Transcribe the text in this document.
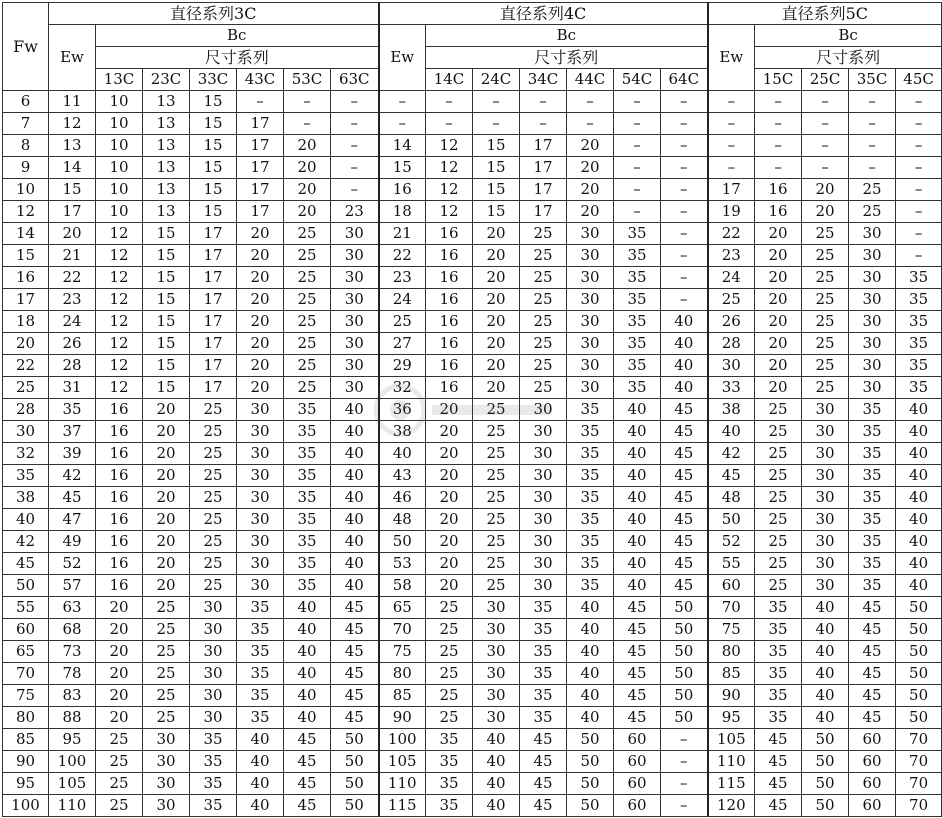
Fw	直径系列3C							直径系列4C							直径系列5C				
	Ew	Bc						Ew	Bc						Ew	Bc			
		尺寸系列							尺寸系列							尺寸系列			
		13C	23C	33C	43C	53C	63C		14C	24C	34C	44C	54C	64C		15C	25C	35C	45C
6	11	10	13	15	–	–	–	–	–	–	–	–	–	–	–	–	–	–	–
7	12	10	13	15	17	–	–	–	–	–	–	–	–	–	–	–	–	–	–
8	13	10	13	15	17	20	–	14	12	15	17	20	–	–	–	–	–	–	–
9	14	10	13	15	17	20	–	15	12	15	17	20	–	–	–	–	–	–	–
10	15	10	13	15	17	20	–	16	12	15	17	20	–	–	17	16	20	25	–
12	17	10	13	15	17	20	23	18	12	15	17	20	–	–	19	16	20	25	–
14	20	12	15	17	20	25	30	21	16	20	25	30	35	–	22	20	25	30	–
15	21	12	15	17	20	25	30	22	16	20	25	30	35	–	23	20	25	30	–
16	22	12	15	17	20	25	30	23	16	20	25	30	35	–	24	20	25	30	35
17	23	12	15	17	20	25	30	24	16	20	25	30	35	–	25	20	25	30	35
18	24	12	15	17	20	25	30	25	16	20	25	30	35	40	26	20	25	30	35
20	26	12	15	17	20	25	30	27	16	20	25	30	35	40	28	20	25	30	35
22	28	12	15	17	20	25	30	29	16	20	25	30	35	40	30	20	25	30	35
25	31	12	15	17	20	25	30	32	16	20	25	30	35	40	33	20	25	30	35
28	35	16	20	25	30	35	40	36	20	25	30	35	40	45	38	25	30	35	40
30	37	16	20	25	30	35	40	38	20	25	30	35	40	45	40	25	30	35	40
32	39	16	20	25	30	35	40	40	20	25	30	35	40	45	42	25	30	35	40
35	42	16	20	25	30	35	40	43	20	25	30	35	40	45	45	25	30	35	40
38	45	16	20	25	30	35	40	46	20	25	30	35	40	45	48	25	30	35	40
40	47	16	20	25	30	35	40	48	20	25	30	35	40	45	50	25	30	35	40
42	49	16	20	25	30	35	40	50	20	25	30	35	40	45	52	25	30	35	40
45	52	16	20	25	30	35	40	53	20	25	30	35	40	45	55	25	30	35	40
50	57	16	20	25	30	35	40	58	20	25	30	35	40	45	60	25	30	35	40
55	63	20	25	30	35	40	45	65	25	30	35	40	45	50	70	35	40	45	50
60	68	20	25	30	35	40	45	70	25	30	35	40	45	50	75	35	40	45	50
65	73	20	25	30	35	40	45	75	25	30	35	40	45	50	80	35	40	45	50
70	78	20	25	30	35	40	45	80	25	30	35	40	45	50	85	35	40	45	50
75	83	20	25	30	35	40	45	85	25	30	35	40	45	50	90	35	40	45	50
80	88	20	25	30	35	40	45	90	25	30	35	40	45	50	95	35	40	45	50
85	95	25	30	35	40	45	50	100	35	40	45	50	60	–	105	45	50	60	70
90	100	25	30	35	40	45	50	105	35	40	45	50	60	–	110	45	50	60	70
95	105	25	30	35	40	45	50	110	35	40	45	50	60	–	115	45	50	60	70
100	110	25	30	35	40	45	50	115	35	40	45	50	60	–	120	45	50	60	70
